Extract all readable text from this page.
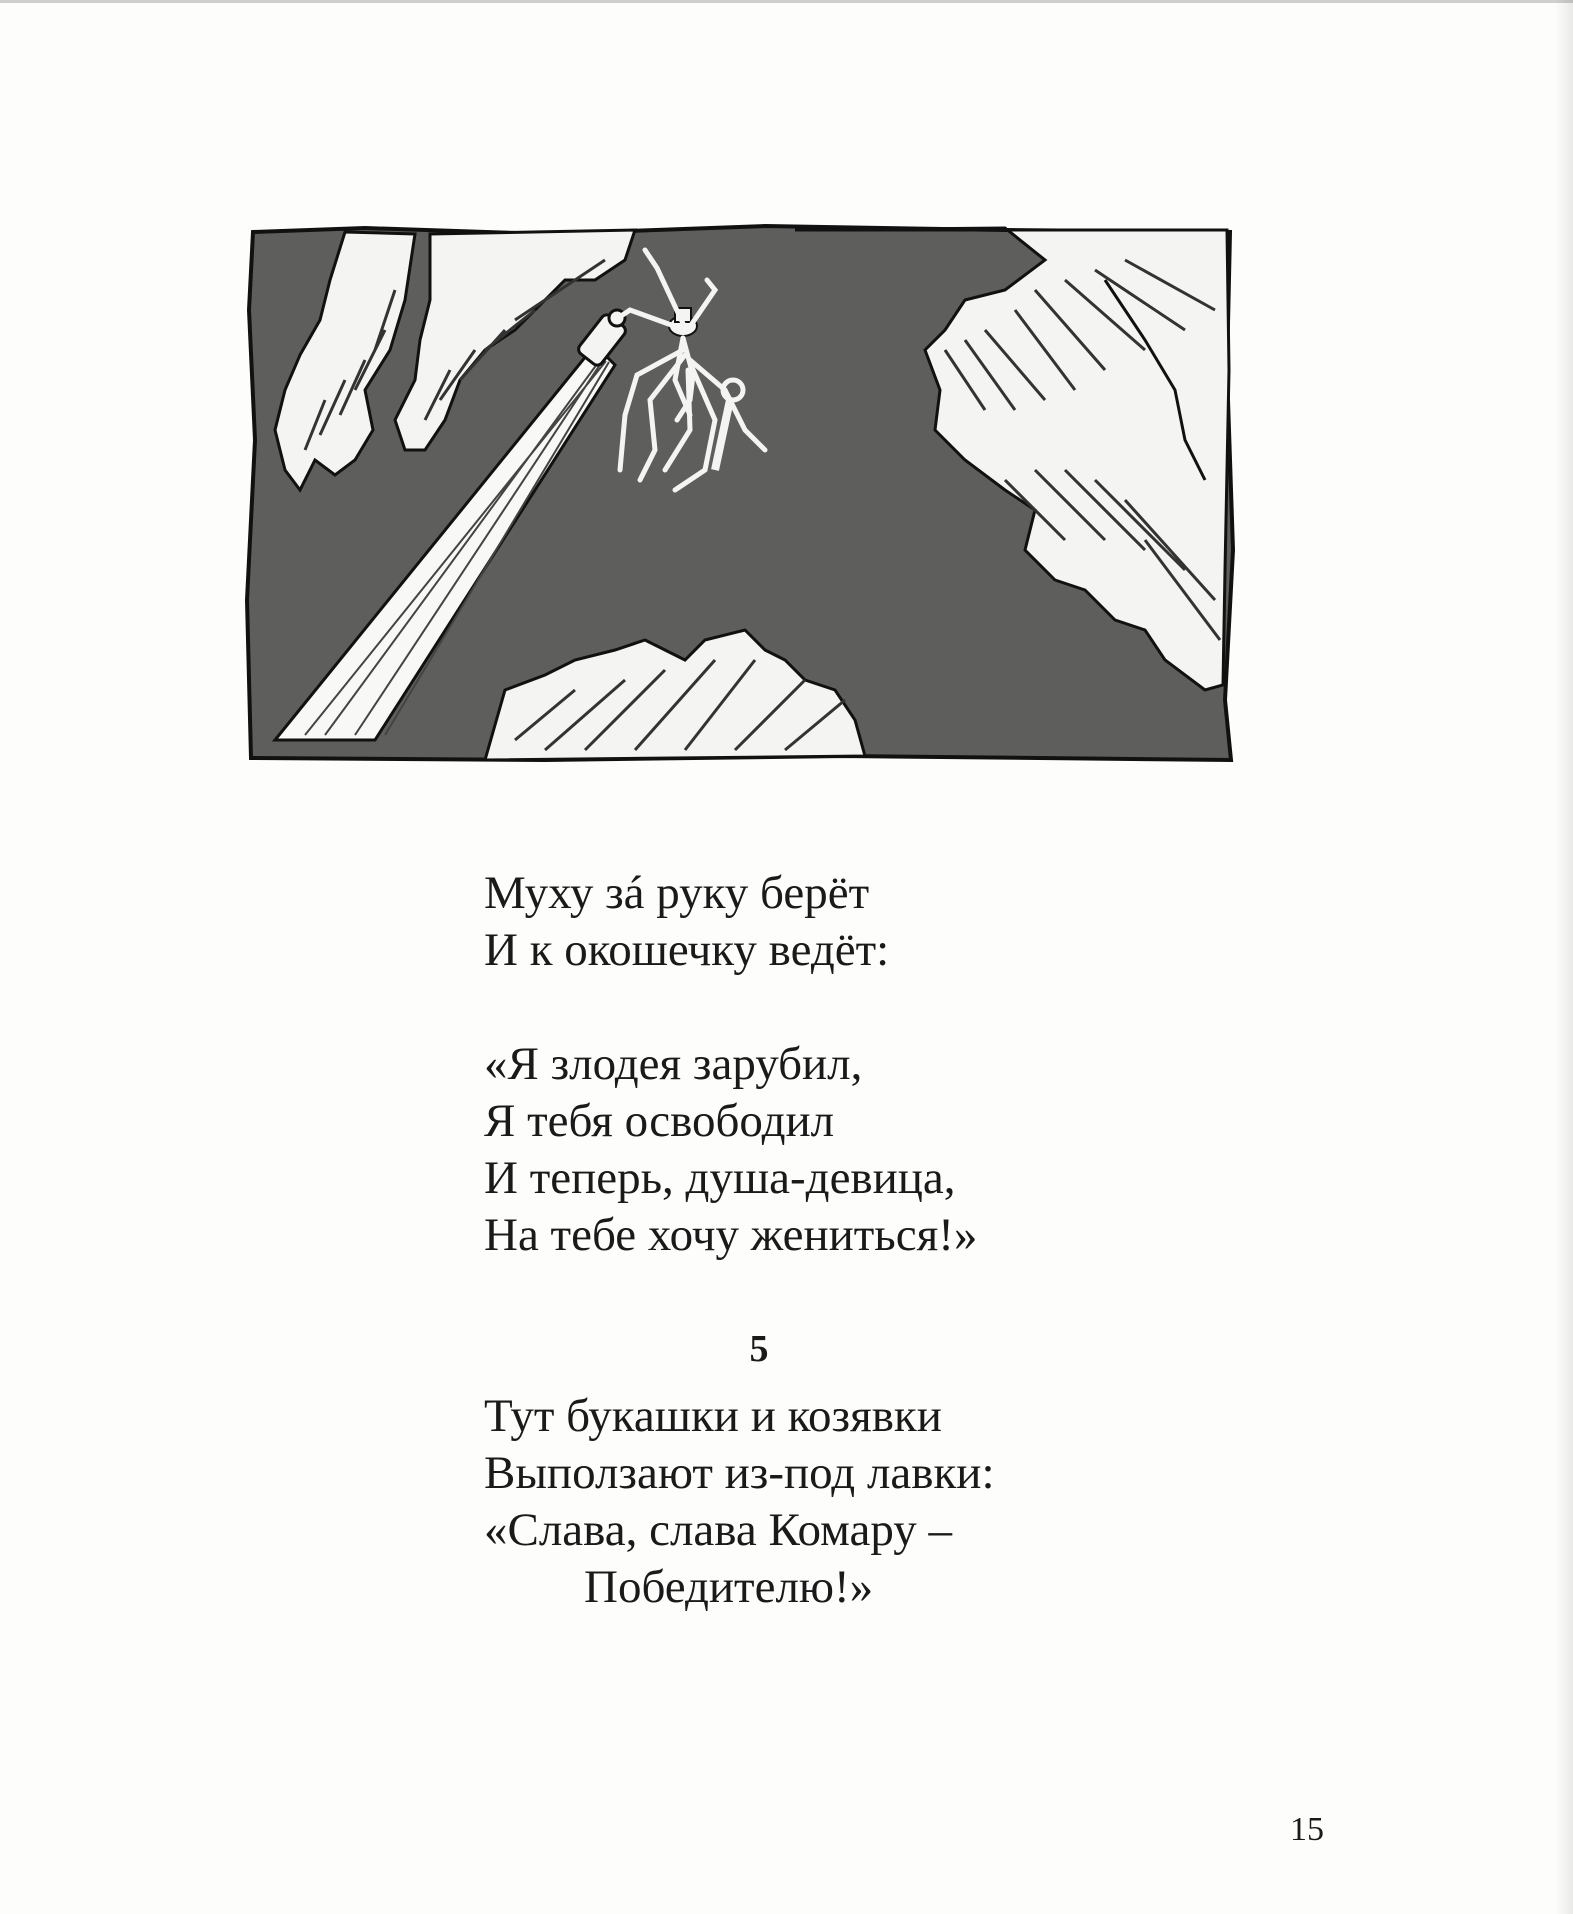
Муху зá руку берёт
И к окошечку ведёт:
«Я злодея зарубил,
Я тебя освободил
И теперь, душа-девица,
На тебе хочу жениться!»
5
Тут букашки и козявки
Выползают из-под лавки:
«Слава, слава Комару –
Победителю!»
15
